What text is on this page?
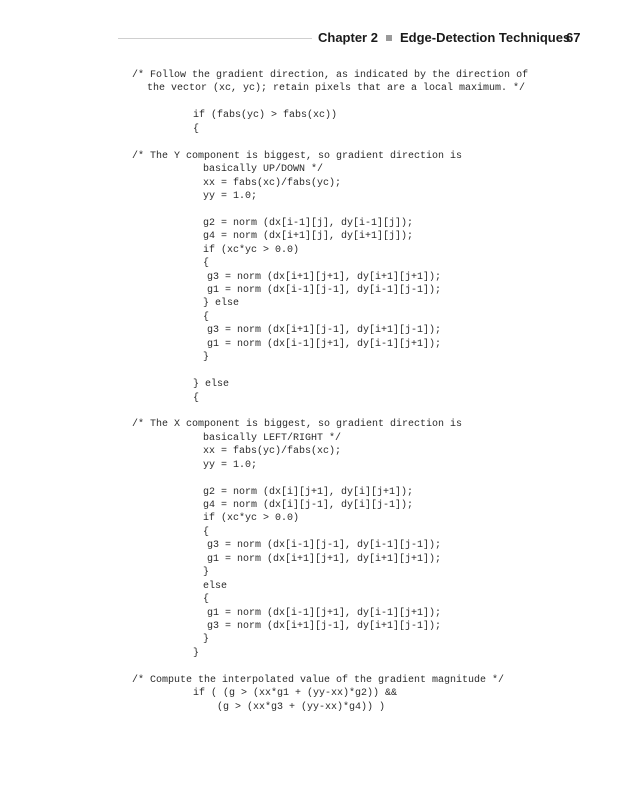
Chapter 2 Edge-Detection Techniques
67
/* Follow the gradient direction, as indicated by the direction of
the vector (xc, yc); retain pixels that are a local maximum. */
if (fabs(yc) > fabs(xc))
{
/* The Y component is biggest, so gradient direction is
basically UP/DOWN */
xx = fabs(xc)/fabs(yc);
yy = 1.0;
g2 = norm (dx[i-1][j], dy[i-1][j]);
g4 = norm (dx[i+1][j], dy[i+1][j]);
if (xc*yc > 0.0)
{
g3 = norm (dx[i+1][j+1], dy[i+1][j+1]);
g1 = norm (dx[i-1][j-1], dy[i-1][j-1]);
} else
{
g3 = norm (dx[i+1][j-1], dy[i+1][j-1]);
g1 = norm (dx[i-1][j+1], dy[i-1][j+1]);
}
} else
{
/* The X component is biggest, so gradient direction is
basically LEFT/RIGHT */
xx = fabs(yc)/fabs(xc);
yy = 1.0;
g2 = norm (dx[i][j+1], dy[i][j+1]);
g4 = norm (dx[i][j-1], dy[i][j-1]);
if (xc*yc > 0.0)
{
g3 = norm (dx[i-1][j-1], dy[i-1][j-1]);
g1 = norm (dx[i+1][j+1], dy[i+1][j+1]);
}
else
{
g1 = norm (dx[i-1][j+1], dy[i-1][j+1]);
g3 = norm (dx[i+1][j-1], dy[i+1][j-1]);
}
}
/* Compute the interpolated value of the gradient magnitude */
if ( (g > (xx*g1 + (yy-xx)*g2)) &&
(g > (xx*g3 + (yy-xx)*g4)) )
